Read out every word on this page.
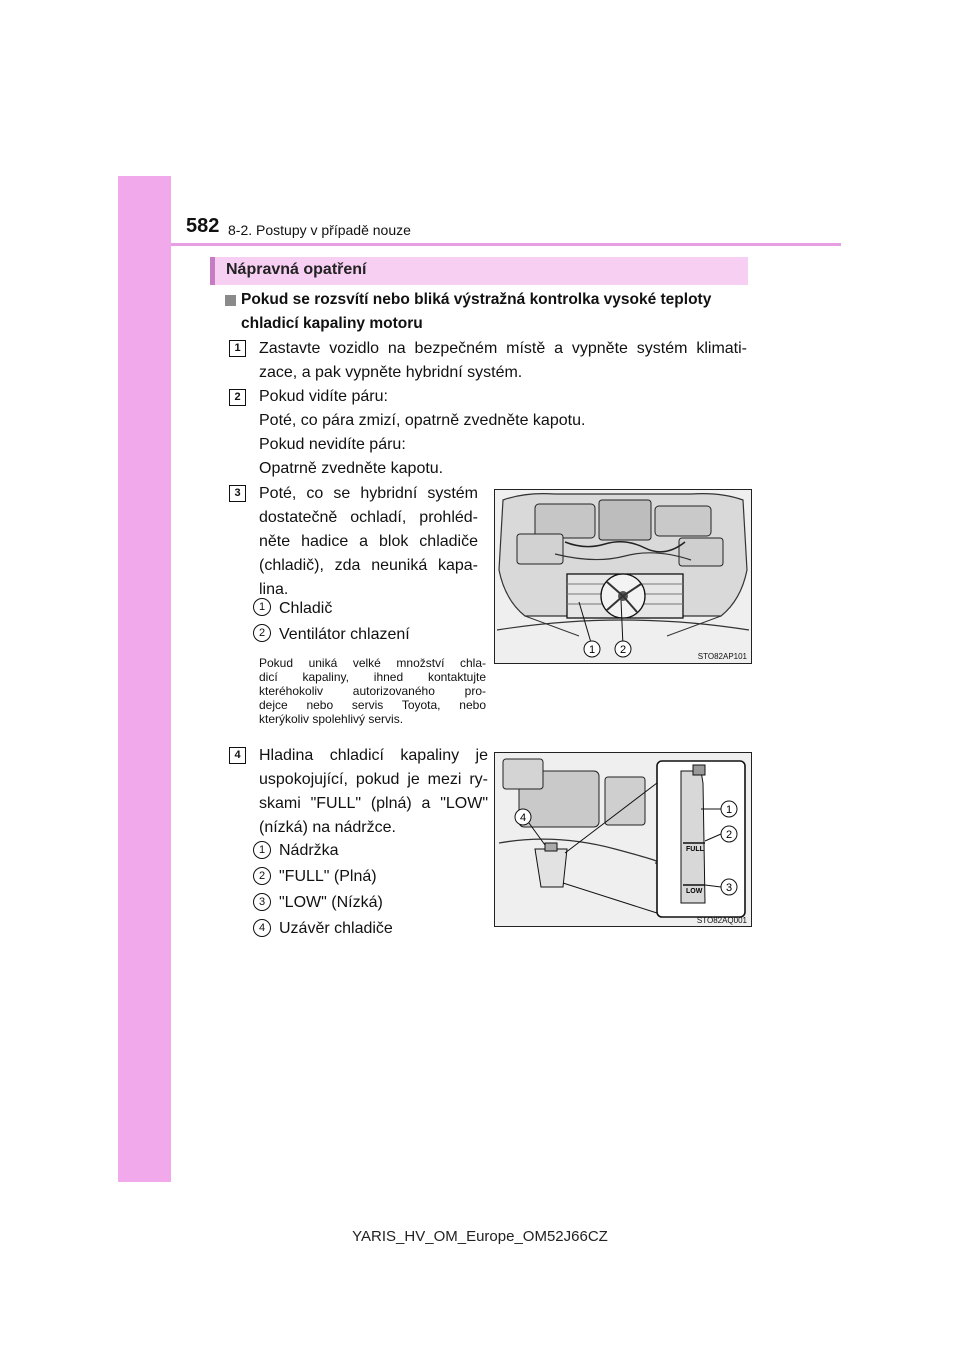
582 8-2. Postupy v případě nouze
Nápravná opatření
Pokud se rozsvítí nebo bliká výstražná kontrolka vysoké teploty chladicí kapaliny motoru
1	Zastavte vozidlo na bezpečném místě a vypněte systém klimati-
zace, a pak vypněte hybridní systém.
2	Pokud vidíte páru:
Poté, co pára zmizí, opatrně zvedněte kapotu.
Pokud nevidíte páru:
Opatrně zvedněte kapotu.
3	Poté, co se hybridní systém
dostatečně ochladí, prohléd-
něte hadice a blok chladiče
(chladič), zda neuniká kapa-
lina.
1 Chladič
2 Ventilátor chlazení
Pokud uniká velké množství chla-
dicí kapaliny, ihned kontaktujte
kteréhokoliv autorizovaného pro-
dejce nebo servis Toyota, nebo
kterýkoliv spolehlivý servis.
1 2
STO82AP101
4	Hladina chladicí kapaliny je
uspokojující, pokud je mezi ry-
skami "FULL" (plná) a "LOW"
(nízká) na nádržce.
1 Nádržka
2 "FULL" (Plná)
3 "LOW" (Nízká)
4 Uzávěr chladiče
4
FULL
LOW
1
2
3
STO82AQ001
YARIS_HV_OM_Europe_OM52J66CZ
